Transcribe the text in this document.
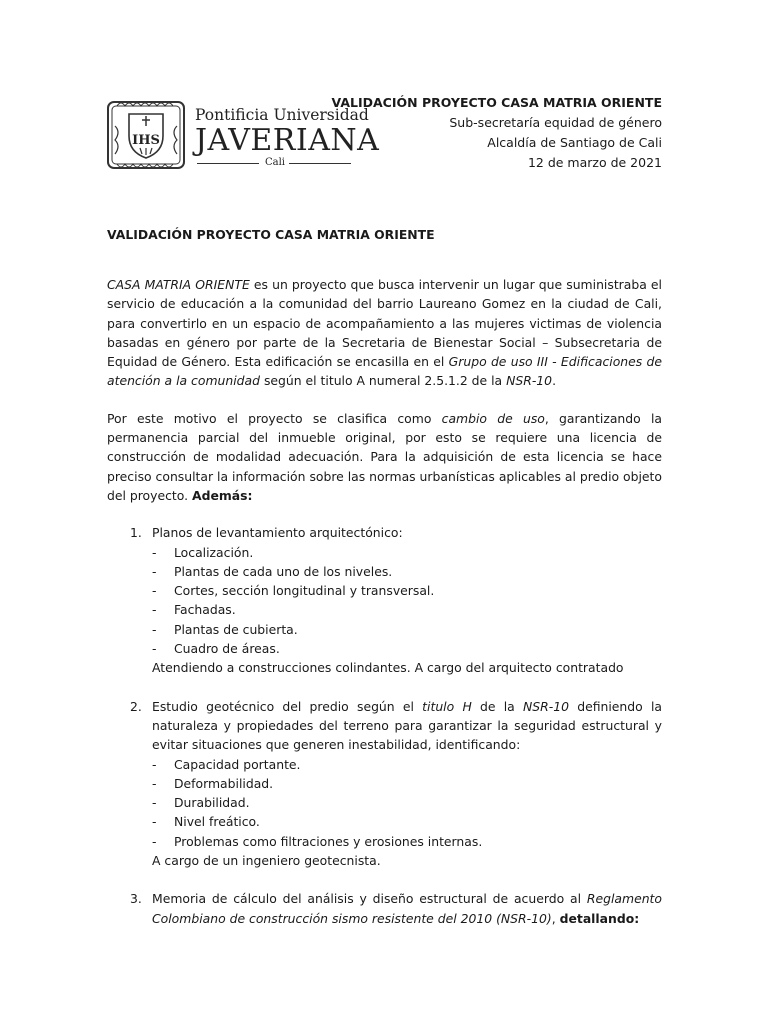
IHS
Pontificia Universidad
JAVERIANA
Cali
VALIDACIÓN PROYECTO CASA MATRIA ORIENTE
Sub-secretaría equidad de género
Alcaldía de Santiago de Cali
12 de marzo de 2021
VALIDACIÓN PROYECTO CASA MATRIA ORIENTE

CASA MATRIA ORIENTE es un proyecto que busca intervenir un lugar que suministraba el servicio de educación a la comunidad del barrio Laureano Gomez en la ciudad de Cali, para convertirlo en un espacio de acompañamiento a las mujeres victimas de violencia basadas en género por parte de la Secretaria de Bienestar Social – Subsecretaria de Equidad de Género. Esta edificación se encasilla en el Grupo de uso III - Edificaciones de atención a la comunidad según el titulo A numeral 2.5.1.2 de la NSR-10.

Por este motivo el proyecto se clasifica como cambio de uso, garantizando la permanencia parcial del inmueble original, por esto se requiere una licencia de construcción de modalidad adecuación. Para la adquisición de esta licencia se hace preciso consultar la información sobre las normas urbanísticas aplicables al predio objeto del proyecto. Además:

1. Planos de levantamiento arquitectónico:
- Localización.
- Plantas de cada uno de los niveles.
- Cortes, sección longitudinal y transversal.
- Fachadas.
- Plantas de cubierta.
- Cuadro de áreas.
Atendiendo a construcciones colindantes. A cargo del arquitecto contratado
2. Estudio geotécnico del predio según el titulo H de la NSR-10 definiendo la naturaleza y propiedades del terreno para garantizar la seguridad estructural y evitar situaciones que generen inestabilidad, identificando:
- Capacidad portante.
- Deformabilidad.
- Durabilidad.
- Nivel freático.
- Problemas como filtraciones y erosiones internas.
A cargo de un ingeniero geotecnista.
3. Memoria de cálculo del análisis y diseño estructural de acuerdo al Reglamento Colombiano de construcción sismo resistente del 2010 (NSR-10), detallando:
